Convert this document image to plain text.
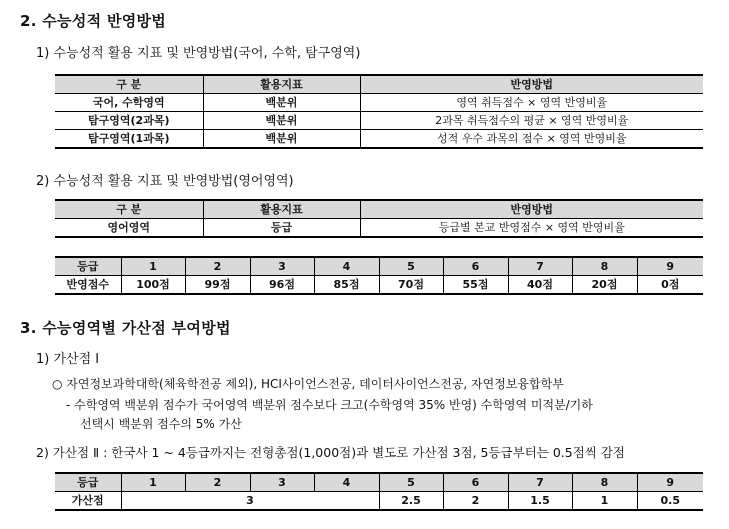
2. 수능성적 반영방법
1) 수능성적 활용 지표 및 반영방법(국어, 수학, 탐구영역)
구 분	활용지표	반영방법
국어, 수학영역	백분위	영역 취득점수 × 영역 반영비율
탐구영역(2과목)	백분위	2과목 취득점수의 평균 × 영역 반영비율
탐구영역(1과목)	백분위	성적 우수 과목의 점수 × 영역 반영비율
2) 수능성적 활용 지표 및 반영방법(영어영역)
구 분	활용지표	반영방법
영어영역	등급	등급별 본교 반영점수 × 영역 반영비율
등급	1	2	3	4	5	6	7	8	9
반영점수	100점	99점	96점	85점	70점	55점	40점	20점	0점
3. 수능영역별 가산점 부여방법
1) 가산점 Ⅰ
○ 자연정보과학대학(체육학전공 제외), HCI사이언스전공, 데이터사이언스전공, 자연정보융합학부
- 수학영역 백분위 점수가 국어영역 백분위 점수보다 크고(수학영역 35% 반영) 수학영역 미적분/기하
선택시 백분위 점수의 5% 가산
2) 가산점 Ⅱ : 한국사 1 ~ 4등급까지는 전형총점(1,000점)과 별도로 가산점 3점, 5등급부터는 0.5점씩 감점
등급	1	2	3	4	5	6	7	8	9
가산점	3				2.5	2	1.5	1	0.5
